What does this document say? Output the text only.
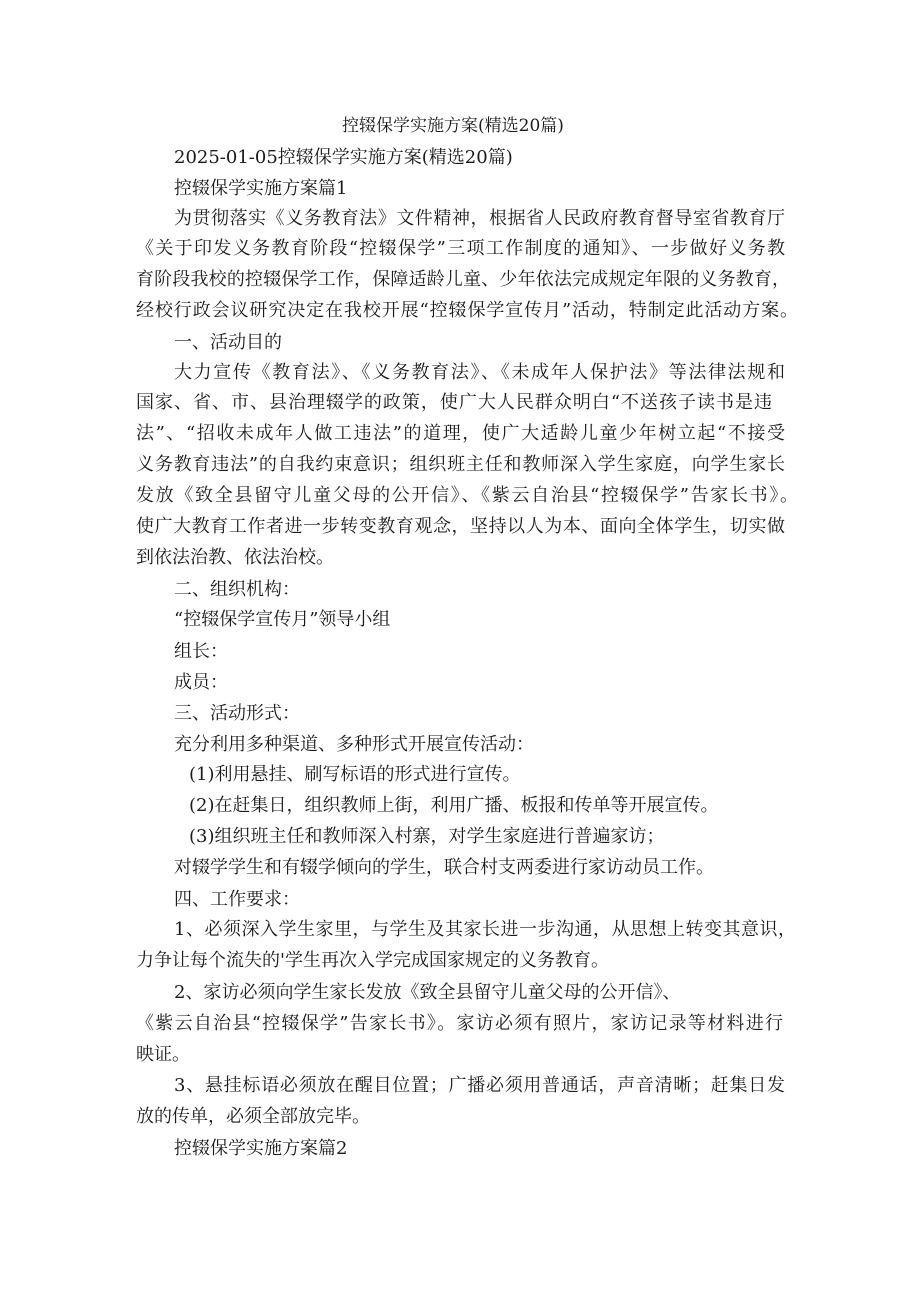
控辍保学实施方案(精选20篇)
2025-01-05控辍保学实施方案(精选20篇)
控辍保学实施方案篇1
为贯彻落实《义务教育法》文件精神，根据省人民政府教育督导室省教育厅
《关于印发义务教育阶段“控辍保学”三项工作制度的通知》、一步做好义务教
育阶段我校的控辍保学工作，保障适龄儿童、少年依法完成规定年限的义务教育，
经校行政会议研究决定在我校开展“控辍保学宣传月”活动，特制定此活动方案。
一、活动目的
大力宣传《教育法》、《义务教育法》、《未成年人保护法》等法律法规和
国家、省、市、县治理辍学的政策，使广大人民群众明白“不送孩子读书是违
法”、“招收未成年人做工违法”的道理，使广大适龄儿童少年树立起“不接受
义务教育违法”的自我约束意识；组织班主任和教师深入学生家庭，向学生家长
发放《致全县留守儿童父母的公开信》、《紫云自治县“控辍保学”告家长书》。
使广大教育工作者进一步转变教育观念，坚持以人为本、面向全体学生，切实做
到依法治教、依法治校。
二、组织机构：
“控辍保学宣传月”领导小组
组长：
成员：
三、活动形式：
充分利用多种渠道、多种形式开展宣传活动：
(1)利用悬挂、刷写标语的形式进行宣传。
(2)在赶集日，组织教师上街，利用广播、板报和传单等开展宣传。
(3)组织班主任和教师深入村寨，对学生家庭进行普遍家访；
对辍学学生和有辍学倾向的学生，联合村支两委进行家访动员工作。
四、工作要求：
1、必须深入学生家里，与学生及其家长进一步沟通，从思想上转变其意识，
力争让每个流失的'学生再次入学完成国家规定的义务教育。
2、家访必须向学生家长发放《致全县留守儿童父母的公开信》、
《紫云自治县“控辍保学”告家长书》。家访必须有照片，家访记录等材料进行
映证。
3、悬挂标语必须放在醒目位置；广播必须用普通话，声音清晰；赶集日发
放的传单，必须全部放完毕。
控辍保学实施方案篇2
